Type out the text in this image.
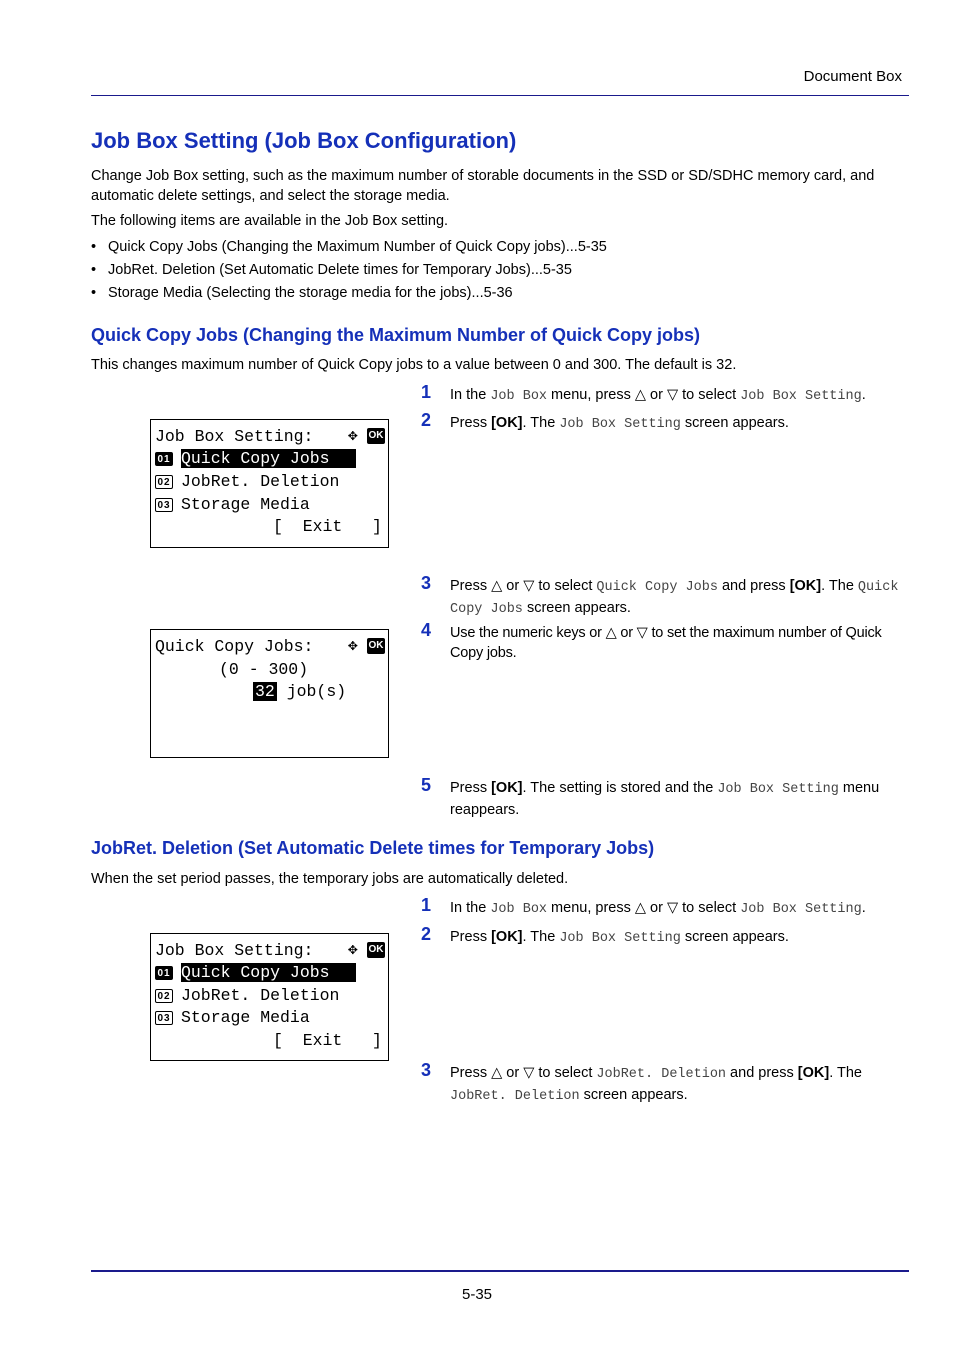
Document Box
Job Box Setting (Job Box Configuration)
Change Job Box setting, such as the maximum number of storable documents in the SSD or SD/SDHC memory card, and automatic delete settings, and select the storage media.
The following items are available in the Job Box setting.
• Quick Copy Jobs (Changing the Maximum Number of Quick Copy jobs)...5-35
• JobRet. Deletion (Set Automatic Delete times for Temporary Jobs)...5-35
• Storage Media (Selecting the storage media for the jobs)...5-36
Quick Copy Jobs (Changing the Maximum Number of Quick Copy jobs)
This changes maximum number of Quick Copy jobs to a value between 0 and 300. The default is 32.
1 In the Job Box menu, press △ or ▽ to select Job Box Setting.
2 Press [OK]. The Job Box Setting screen appears.
3 Press △ or ▽ to select Quick Copy Jobs and press [OK]. The Quick Copy Jobs screen appears.
4 Use the numeric keys or △ or ▽ to set the maximum number of Quick Copy jobs.
5 Press [OK]. The setting is stored and the Job Box Setting menu reappears.
Job Box Setting: ✥ OK
01 Quick Copy Jobs
02 JobRet. Deletion
03 Storage Media
[  Exit   ]
Quick Copy Jobs: ✥ OK
(0 - 300)
32 job(s)
JobRet. Deletion (Set Automatic Delete times for Temporary Jobs)
When the set period passes, the temporary jobs are automatically deleted.
1 In the Job Box menu, press △ or ▽ to select Job Box Setting.
2 Press [OK]. The Job Box Setting screen appears.
3 Press △ or ▽ to select JobRet. Deletion and press [OK]. The JobRet. Deletion screen appears.
Job Box Setting: ✥ OK
01 Quick Copy Jobs
02 JobRet. Deletion
03 Storage Media
[  Exit   ]
5-35
